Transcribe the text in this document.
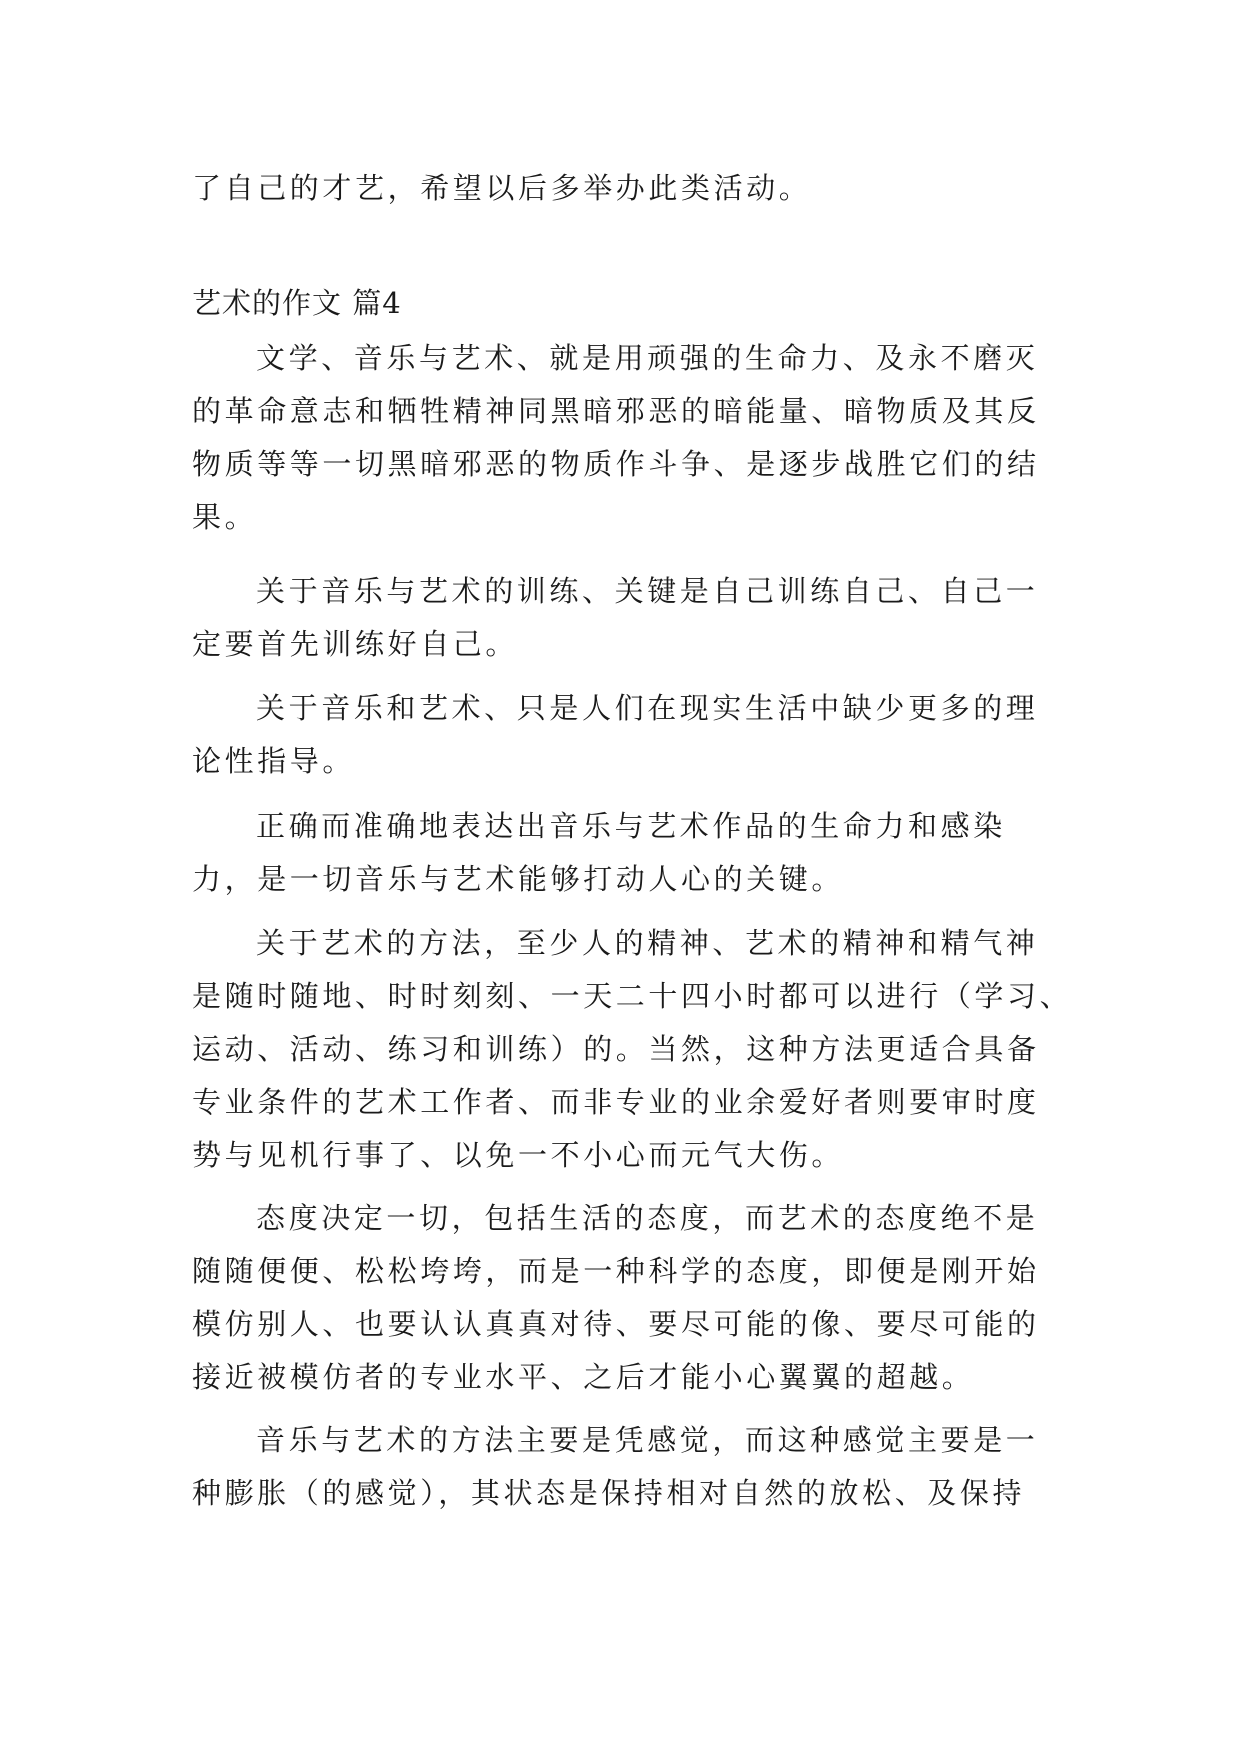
了自己的才艺，希望以后多举办此类活动。
艺术的作文 篇4
文学、音乐与艺术、就是用顽强的生命力、及永不磨灭
的革命意志和牺牲精神同黑暗邪恶的暗能量、暗物质及其反
物质等等一切黑暗邪恶的物质作斗争、是逐步战胜它们的结
果。
关于音乐与艺术的训练、关键是自己训练自己、自己一
定要首先训练好自己。
关于音乐和艺术、只是人们在现实生活中缺少更多的理
论性指导。
正确而准确地表达出音乐与艺术作品的生命力和感染
力，是一切音乐与艺术能够打动人心的关键。
关于艺术的方法，至少人的精神、艺术的精神和精气神
是随时随地、时时刻刻、一天二十四小时都可以进行（学习、
运动、活动、练习和训练）的。当然，这种方法更适合具备
专业条件的艺术工作者、而非专业的业余爱好者则要审时度
势与见机行事了、以免一不小心而元气大伤。
态度决定一切，包括生活的态度，而艺术的态度绝不是
随随便便、松松垮垮，而是一种科学的态度，即便是刚开始
模仿别人、也要认认真真对待、要尽可能的像、要尽可能的
接近被模仿者的专业水平、之后才能小心翼翼的超越。
音乐与艺术的方法主要是凭感觉，而这种感觉主要是一
种膨胀（的感觉），其状态是保持相对自然的放松、及保持
